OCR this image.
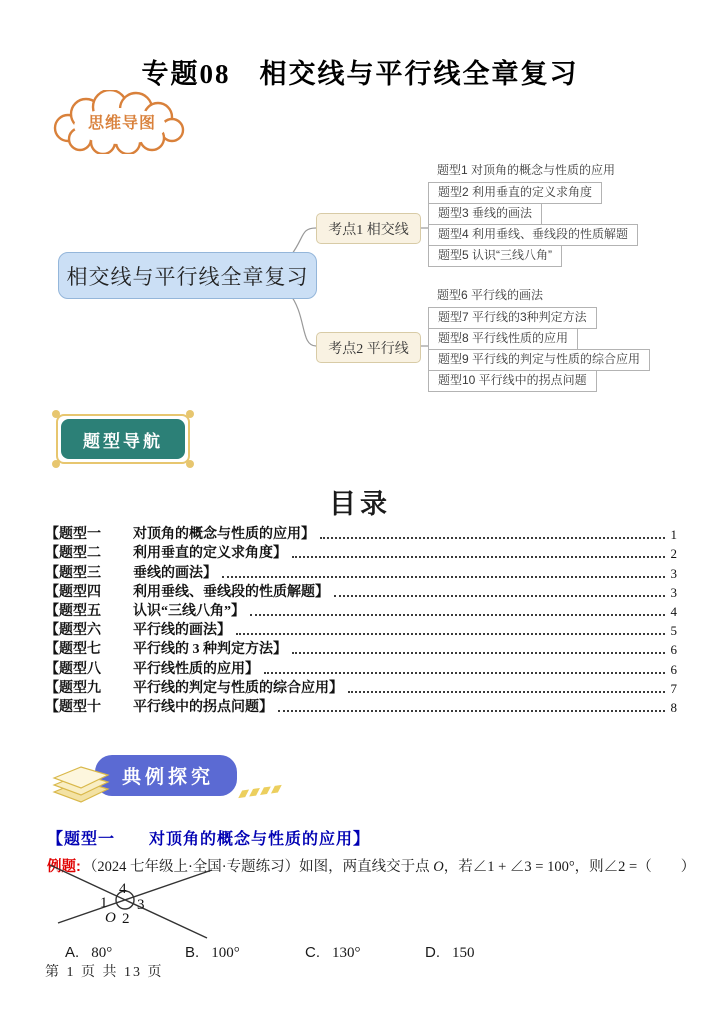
专题08　相交线与平行线全章复习
思维导图
相交线与平行线全章复习
考点1 相交线
考点2 平行线
题型1 对顶角的概念与性质的应用
题型2 利用垂直的定义求角度
题型3 垂线的画法
题型4 利用垂线、垂线段的性质解题
题型5 认识“三线八角”
题型6 平行线的画法
题型7 平行线的3种判定方法
题型8 平行线性质的应用
题型9 平行线的判定与性质的综合应用
题型10 平行线中的拐点问题
题型导航
目录
【题型一	对顶角的概念与性质的应用】	1
【题型二	利用垂直的定义求角度】	2
【题型三	垂线的画法】	3
【题型四	利用垂线、垂线段的性质解题】	3
【题型五	认识“三线八角”】	4
【题型六	平行线的画法】	5
【题型七	平行线的 3 种判定方法】	6
【题型八	平行线性质的应用】	6
【题型九	平行线的判定与性质的综合应用】	7
【题型十	平行线中的拐点问题】	8
典例探究
【题型一　　对顶角的概念与性质的应用】

例题: （2024 七年级上·全国·专题练习）如图，两直线交于点 O，若∠1 + ∠3 = 100°，则∠2 =（　　）

4
1 3
O 2
A. 80°	B. 100°	C. 130°	D. 150
第 1 页 共 13 页
